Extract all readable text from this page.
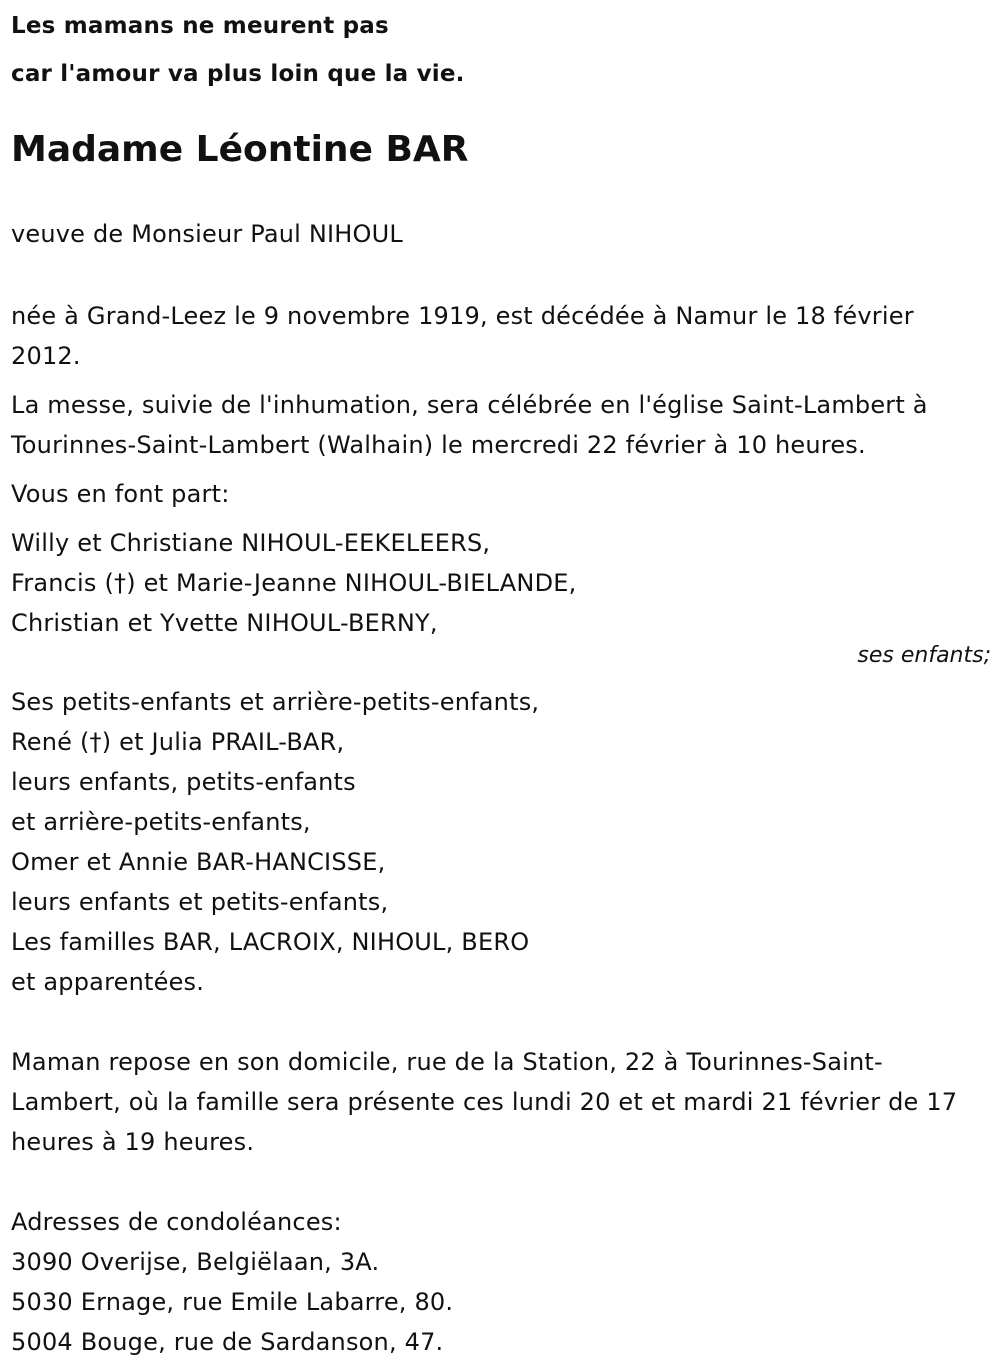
Les mamans ne meurent pas
car l'amour va plus loin que la vie.
Madame Léontine BAR
veuve de Monsieur Paul NIHOUL
née à Grand-Leez le 9 novembre 1919, est décédée à Namur le 18 février 2012.
La messe, suivie de l'inhumation, sera célébrée en l'église Saint-Lambert à Tourinnes-Saint-Lambert (Walhain) le mercredi 22 février à 10 heures.
Vous en font part:
Willy et Christiane NIHOUL-EEKELEERS,
Francis (†) et Marie-Jeanne NIHOUL-BIELANDE,
Christian et Yvette NIHOUL-BERNY,
ses enfants;
Ses petits-enfants et arrière-petits-enfants,
René (†) et Julia PRAIL-BAR,
leurs enfants, petits-enfants
et arrière-petits-enfants,
Omer et Annie BAR-HANCISSE,
leurs enfants et petits-enfants,
Les familles BAR, LACROIX, NIHOUL, BERO
et apparentées.
Maman repose en son domicile, rue de la Station, 22 à Tourinnes-Saint-Lambert, où la famille sera présente ces lundi 20 et et mardi 21 février de 17 heures à 19 heures.
Adresses de condoléances:
3090 Overijse, Belgiëlaan, 3A.
5030 Ernage, rue Emile Labarre, 80.
5004 Bouge, rue de Sardanson, 47.
